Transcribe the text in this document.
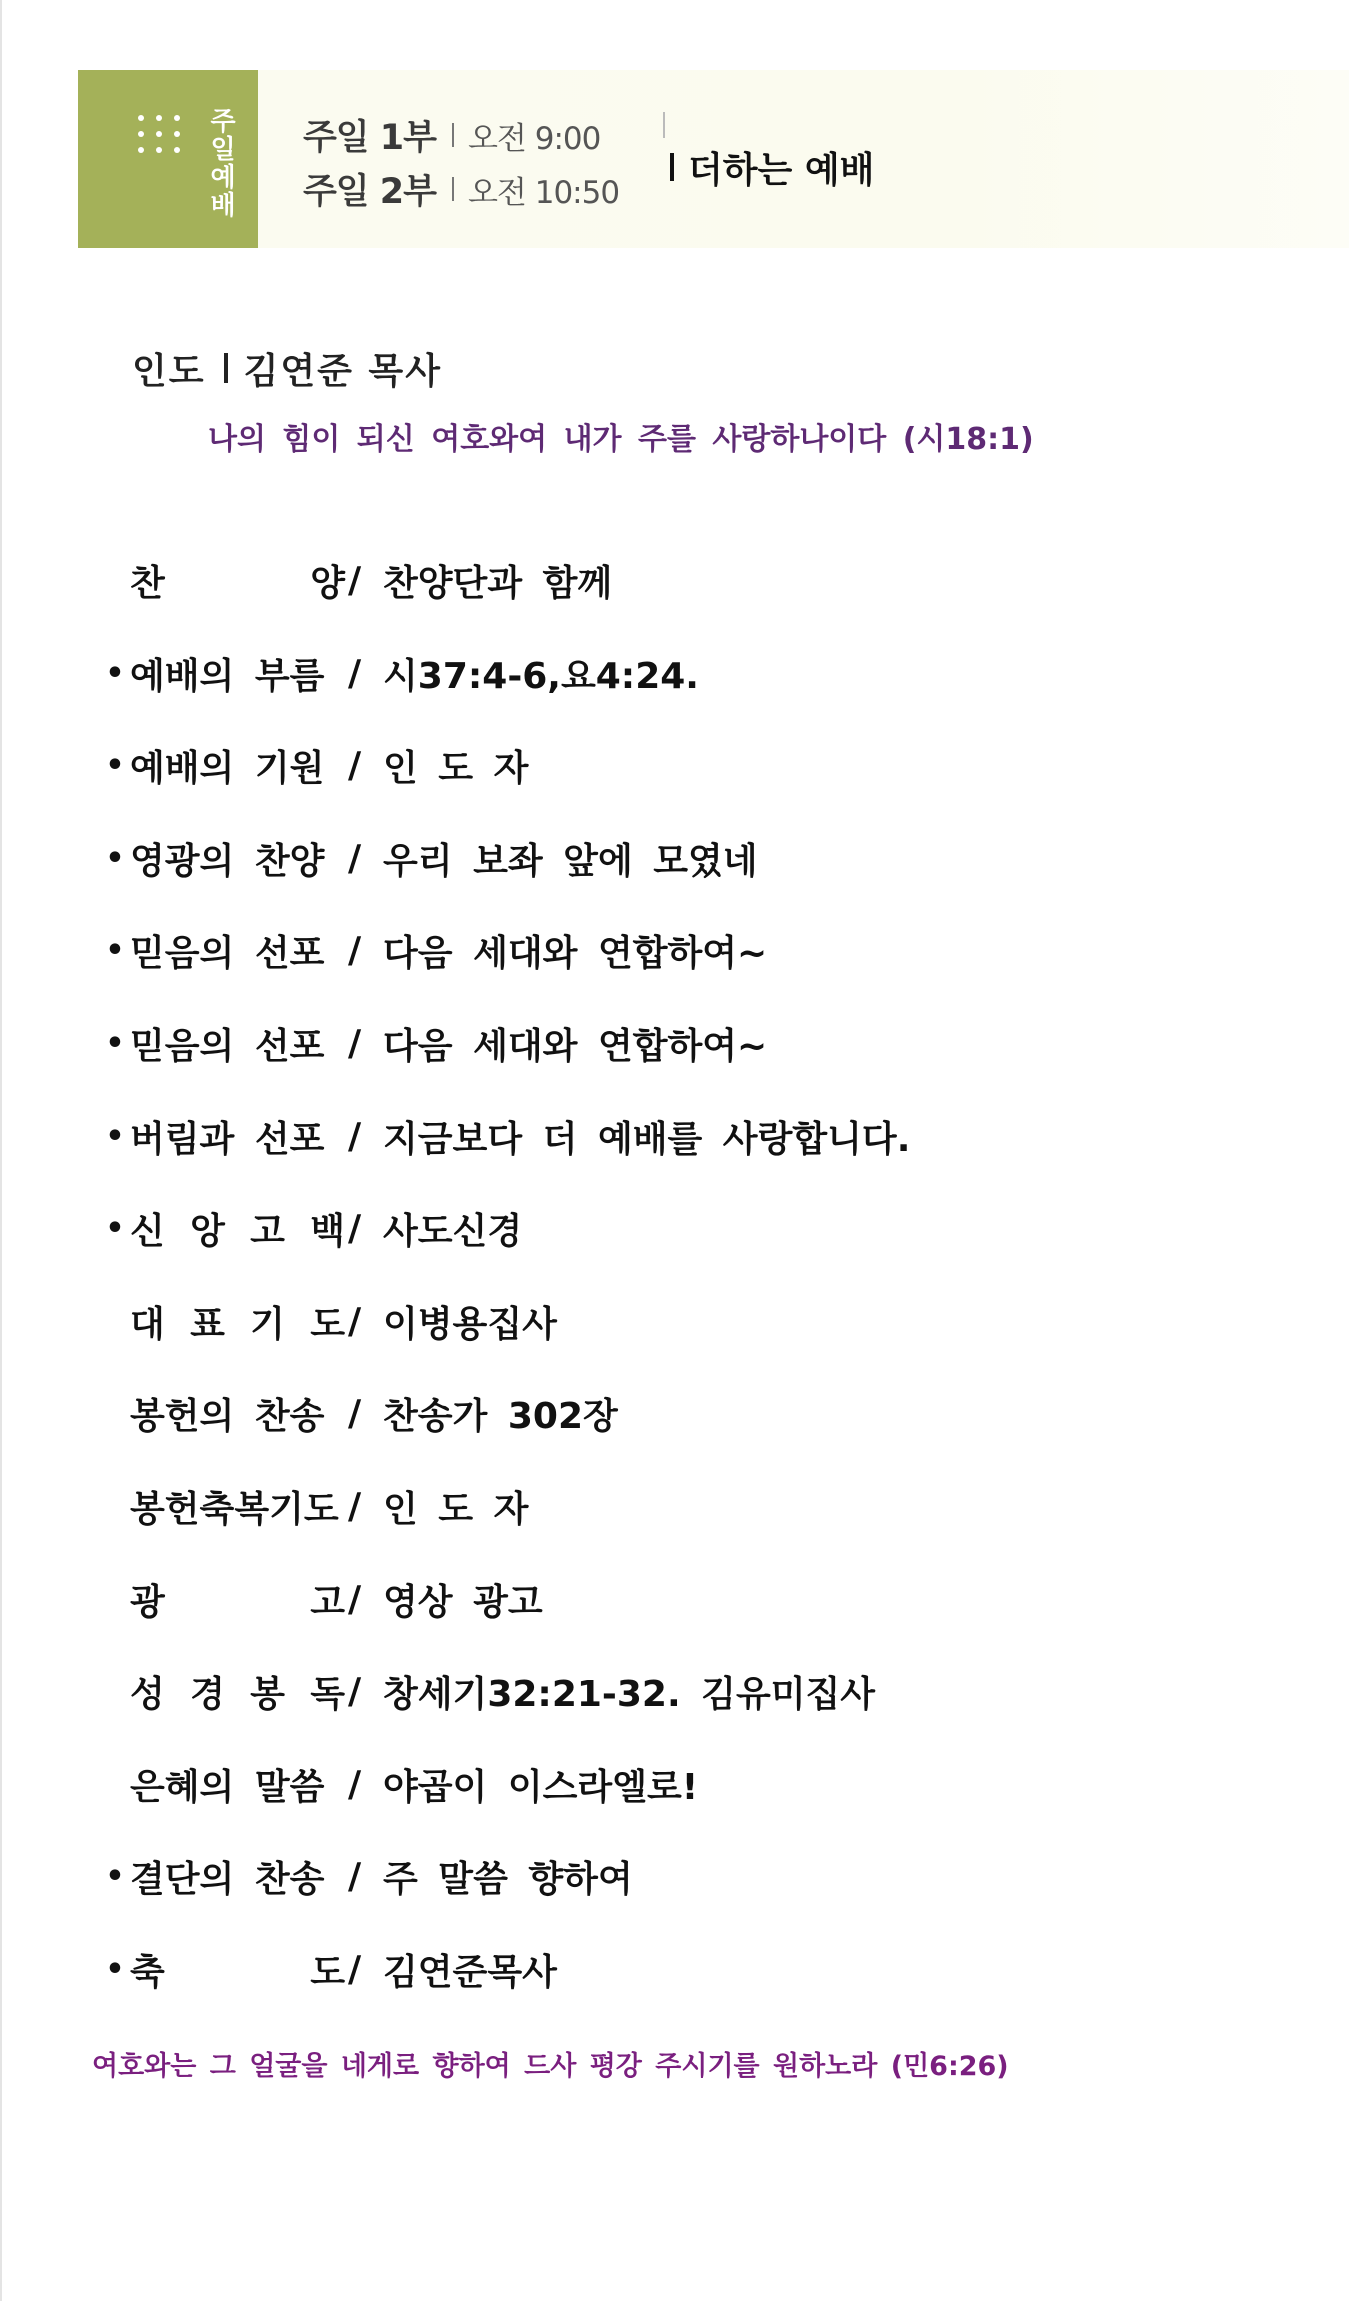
주일예배
주일 1부 오전 9:00
주일 2부 오전 10:50
더하는 예배
인도 김연준 목사
나의 힘이 되신 여호와여 내가 주를 사랑하나이다 (시18:1)
찬	양 / 찬양단과 함께
• 예배의 부름 / 시37:4-6,요4:24.
• 예배의 기원 / 인 도 자
• 영광의 찬양 / 우리 보좌 앞에 모였네
• 믿음의 선포 / 다음 세대와 연합하여~
• 믿음의 선포 / 다음 세대와 연합하여~
• 버림과 선포 / 지금보다 더 예배를 사랑합니다.
• 신 앙 고 백 / 사도신경
대 표 기 도 / 이병용집사
봉헌의 찬송 / 찬송가 302장
봉헌축복기도 / 인 도 자
광	고 / 영상 광고
성 경 봉 독 / 창세기32:21-32. 김유미집사
은혜의 말씀 / 야곱이 이스라엘로!
• 결단의 찬송 / 주 말씀 향하여
• 축	도 / 김연준목사
여호와는 그 얼굴을 네게로 향하여 드사 평강 주시기를 원하노라 (민6:26)
